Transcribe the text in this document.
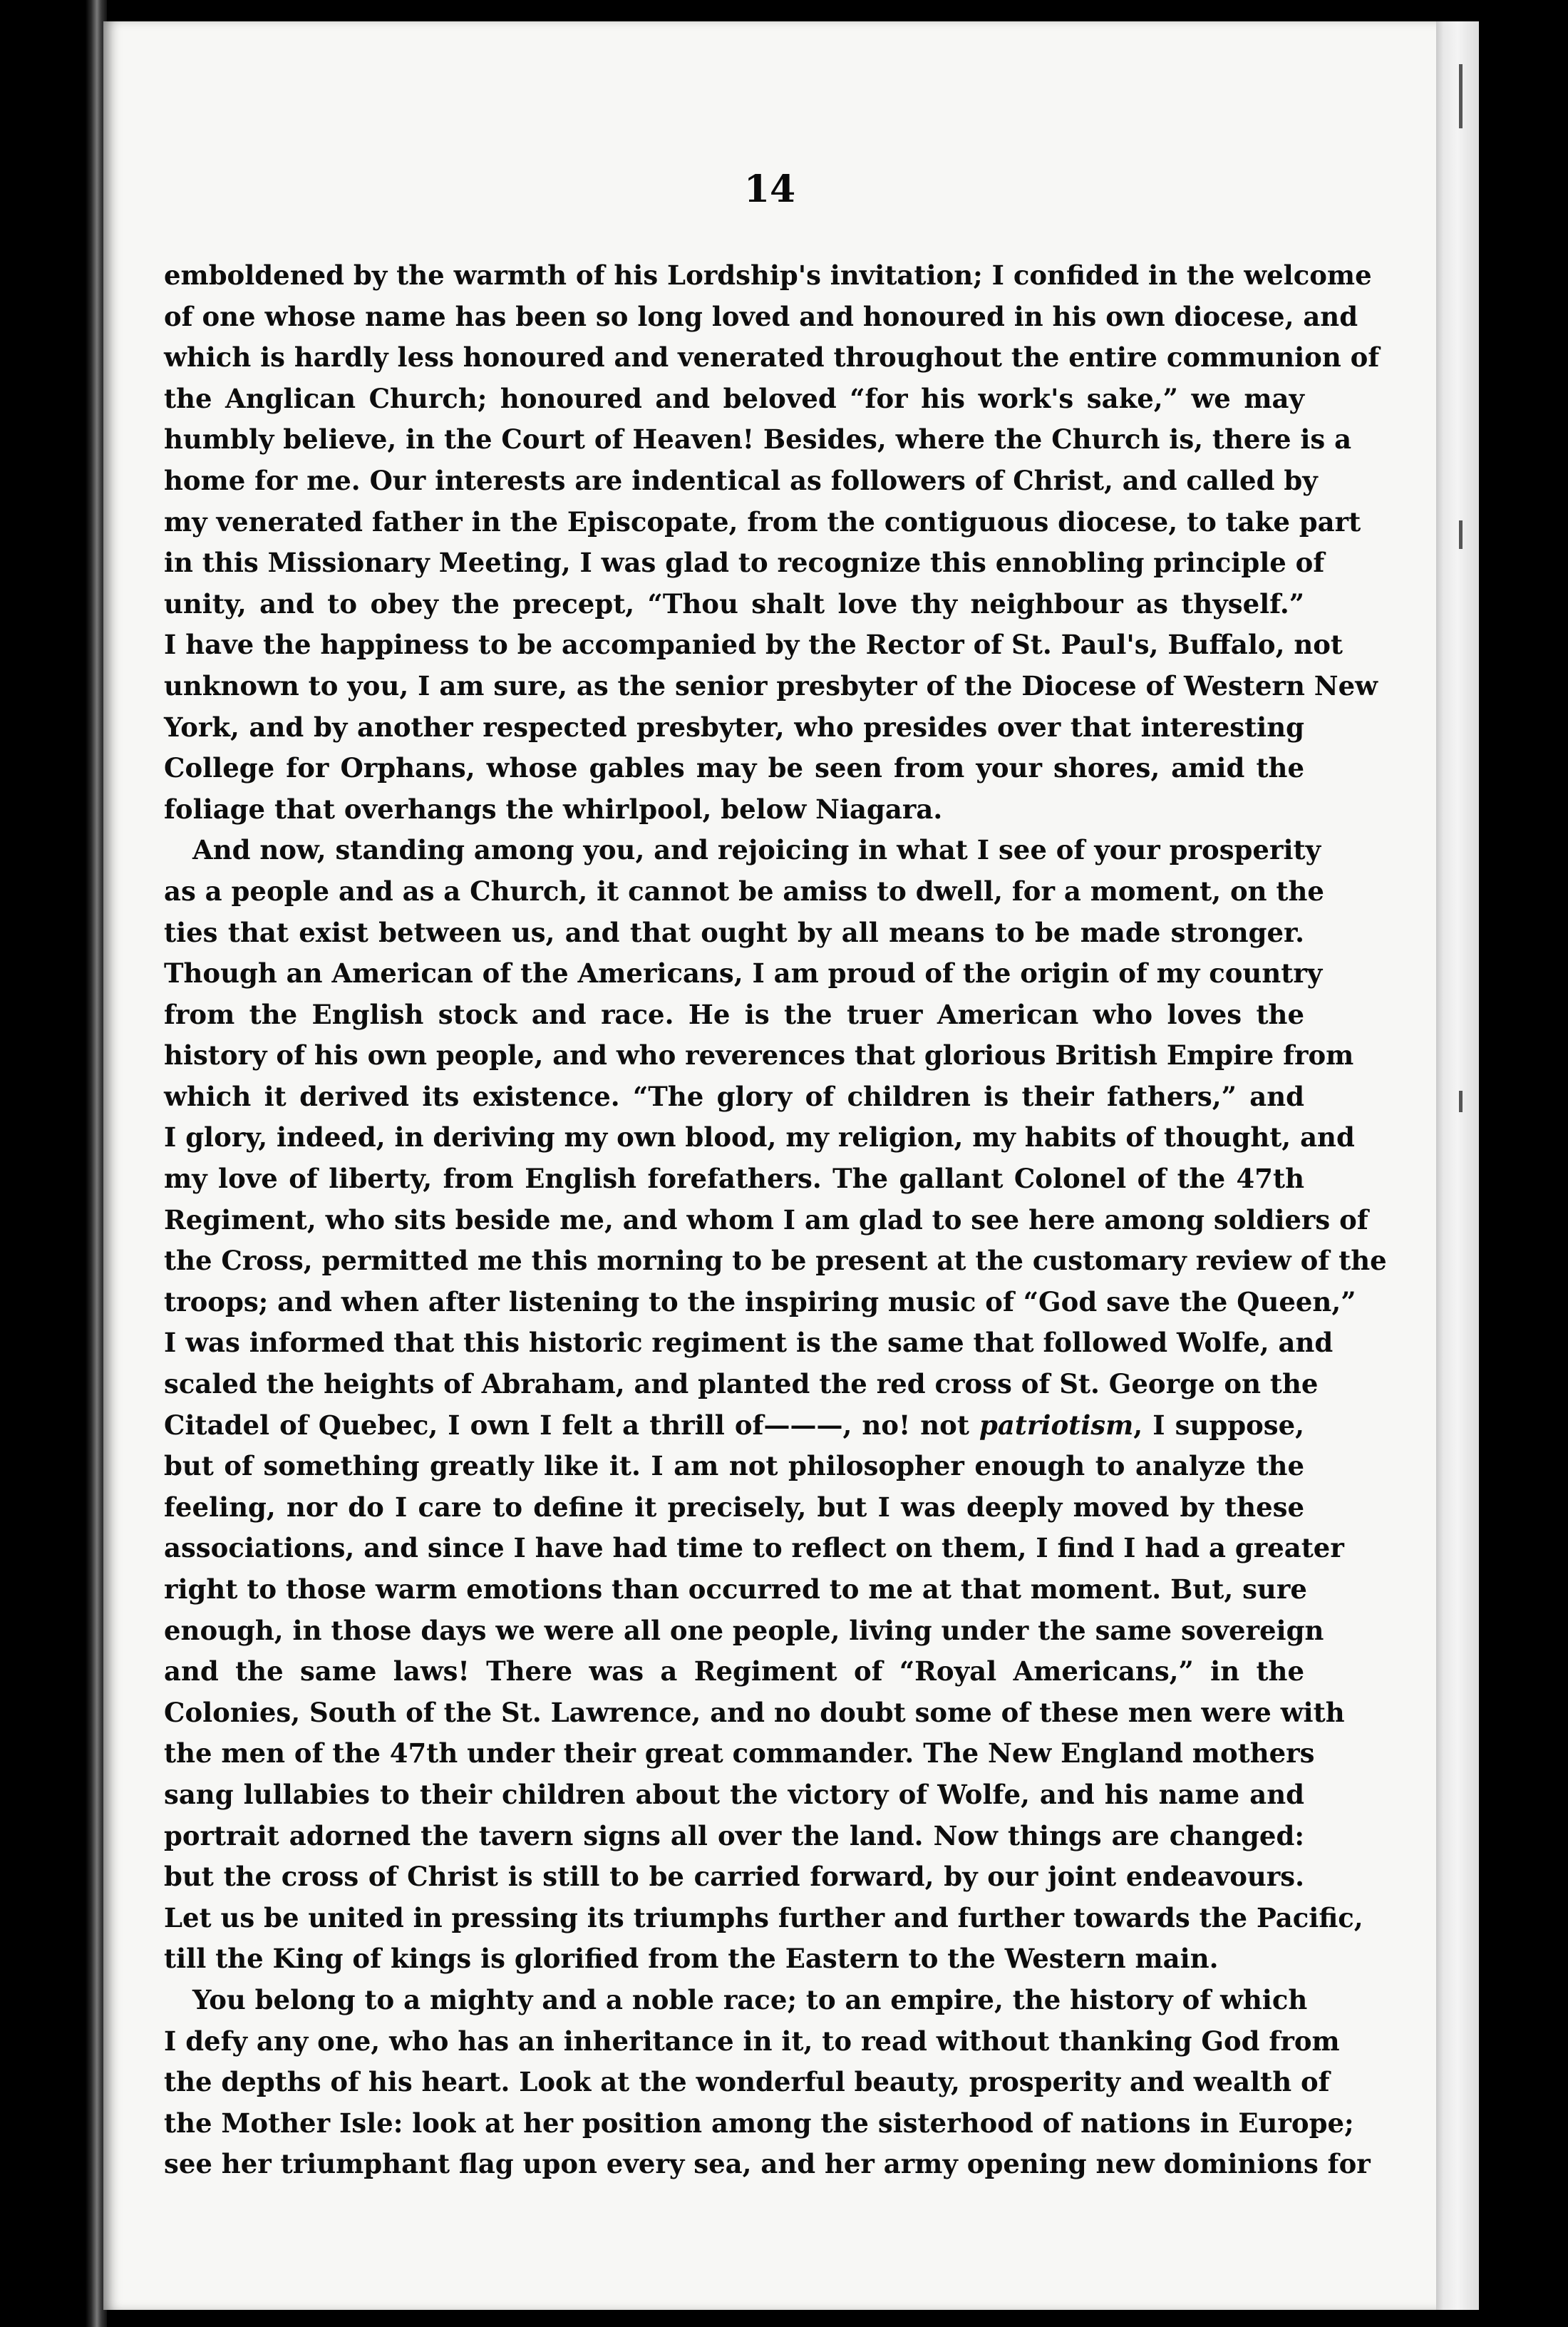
14

emboldened by the warmth of his Lordship's invitation; I confided in the welcome
of one whose name has been so long loved and honoured in his own diocese, and
which is hardly less honoured and venerated throughout the entire communion of
the Anglican Church; honoured and beloved “for his work's sake,” we may
humbly believe, in the Court of Heaven! Besides, where the Church is, there is a
home for me. Our interests are indentical as followers of Christ, and called by
my venerated father in the Episcopate, from the contiguous diocese, to take part
in this Missionary Meeting, I was glad to recognize this ennobling principle of
unity, and to obey the precept, “Thou shalt love thy neighbour as thyself.”
I have the happiness to be accompanied by the Rector of St. Paul's, Buffalo, not
unknown to you, I am sure, as the senior presbyter of the Diocese of Western New
York, and by another respected presbyter, who presides over that interesting
College for Orphans, whose gables may be seen from your shores, amid the
foliage that overhangs the whirlpool, below Niagara.
And now, standing among you, and rejoicing in what I see of your prosperity
as a people and as a Church, it cannot be amiss to dwell, for a moment, on the
ties that exist between us, and that ought by all means to be made stronger.
Though an American of the Americans, I am proud of the origin of my country
from the English stock and race. He is the truer American who loves the
history of his own people, and who reverences that glorious British Empire from
which it derived its existence. “The glory of children is their fathers,” and
I glory, indeed, in deriving my own blood, my religion, my habits of thought, and
my love of liberty, from English forefathers. The gallant Colonel of the 47th
Regiment, who sits beside me, and whom I am glad to see here among soldiers of
the Cross, permitted me this morning to be present at the customary review of the
troops; and when after listening to the inspiring music of “God save the Queen,”
I was informed that this historic regiment is the same that followed Wolfe, and
scaled the heights of Abraham, and planted the red cross of St. George on the
Citadel of Quebec, I own I felt a thrill of———, no! not patriotism, I suppose,
but of something greatly like it. I am not philosopher enough to analyze the
feeling, nor do I care to define it precisely, but I was deeply moved by these
associations, and since I have had time to reflect on them, I find I had a greater
right to those warm emotions than occurred to me at that moment. But, sure
enough, in those days we were all one people, living under the same sovereign
and the same laws! There was a Regiment of “Royal Americans,” in the
Colonies, South of the St. Lawrence, and no doubt some of these men were with
the men of the 47th under their great commander. The New England mothers
sang lullabies to their children about the victory of Wolfe, and his name and
portrait adorned the tavern signs all over the land. Now things are changed:
but the cross of Christ is still to be carried forward, by our joint endeavours.
Let us be united in pressing its triumphs further and further towards the Pacific,
till the King of kings is glorified from the Eastern to the Western main.
You belong to a mighty and a noble race; to an empire, the history of which
I defy any one, who has an inheritance in it, to read without thanking God from
the depths of his heart. Look at the wonderful beauty, prosperity and wealth of
the Mother Isle: look at her position among the sisterhood of nations in Europe;
see her triumphant flag upon every sea, and her army opening new dominions for
